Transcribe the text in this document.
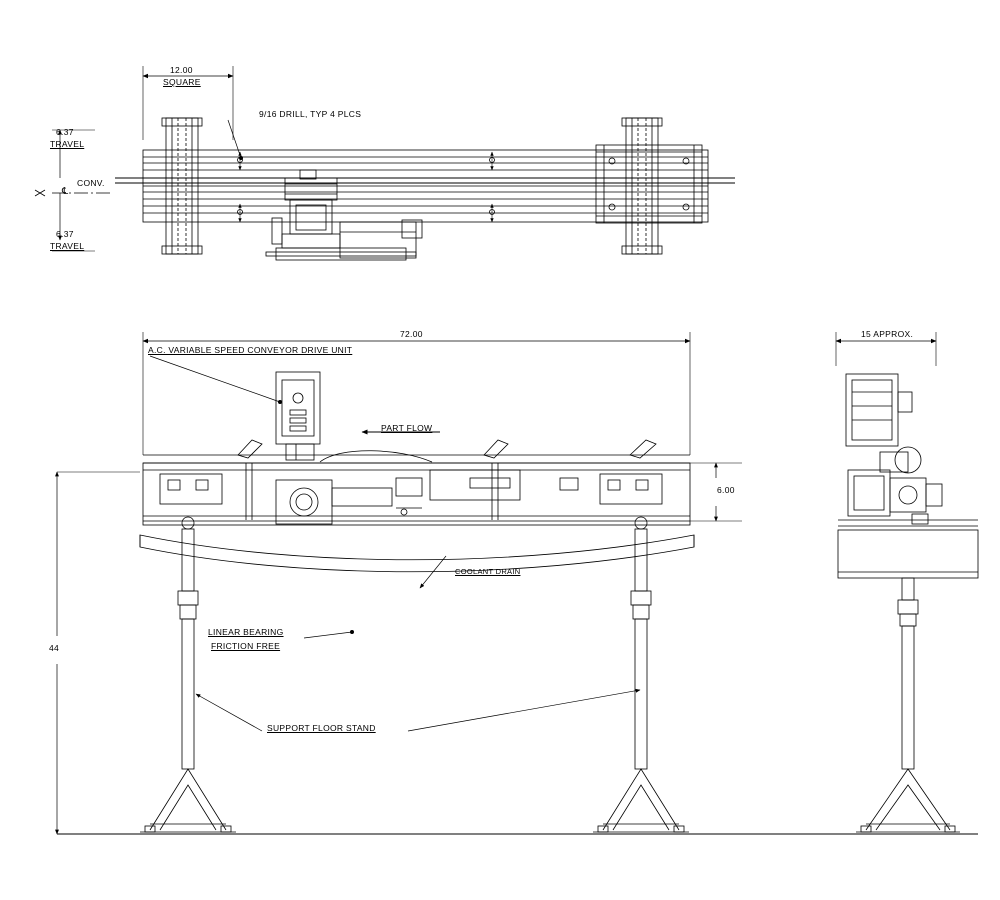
12.00
SQUARE
9/16 DRILL, TYP 4 PLCS
6.37
TRAVEL
6.37
TRAVEL
CONV.
℄
72.00
A.C. VARIABLE SPEED CONVEYOR DRIVE UNIT
PART FLOW
6.00
COOLANT DRAIN
LINEAR BEARING
FRICTION FREE
SUPPORT FLOOR STAND
44
15 APPROX.
